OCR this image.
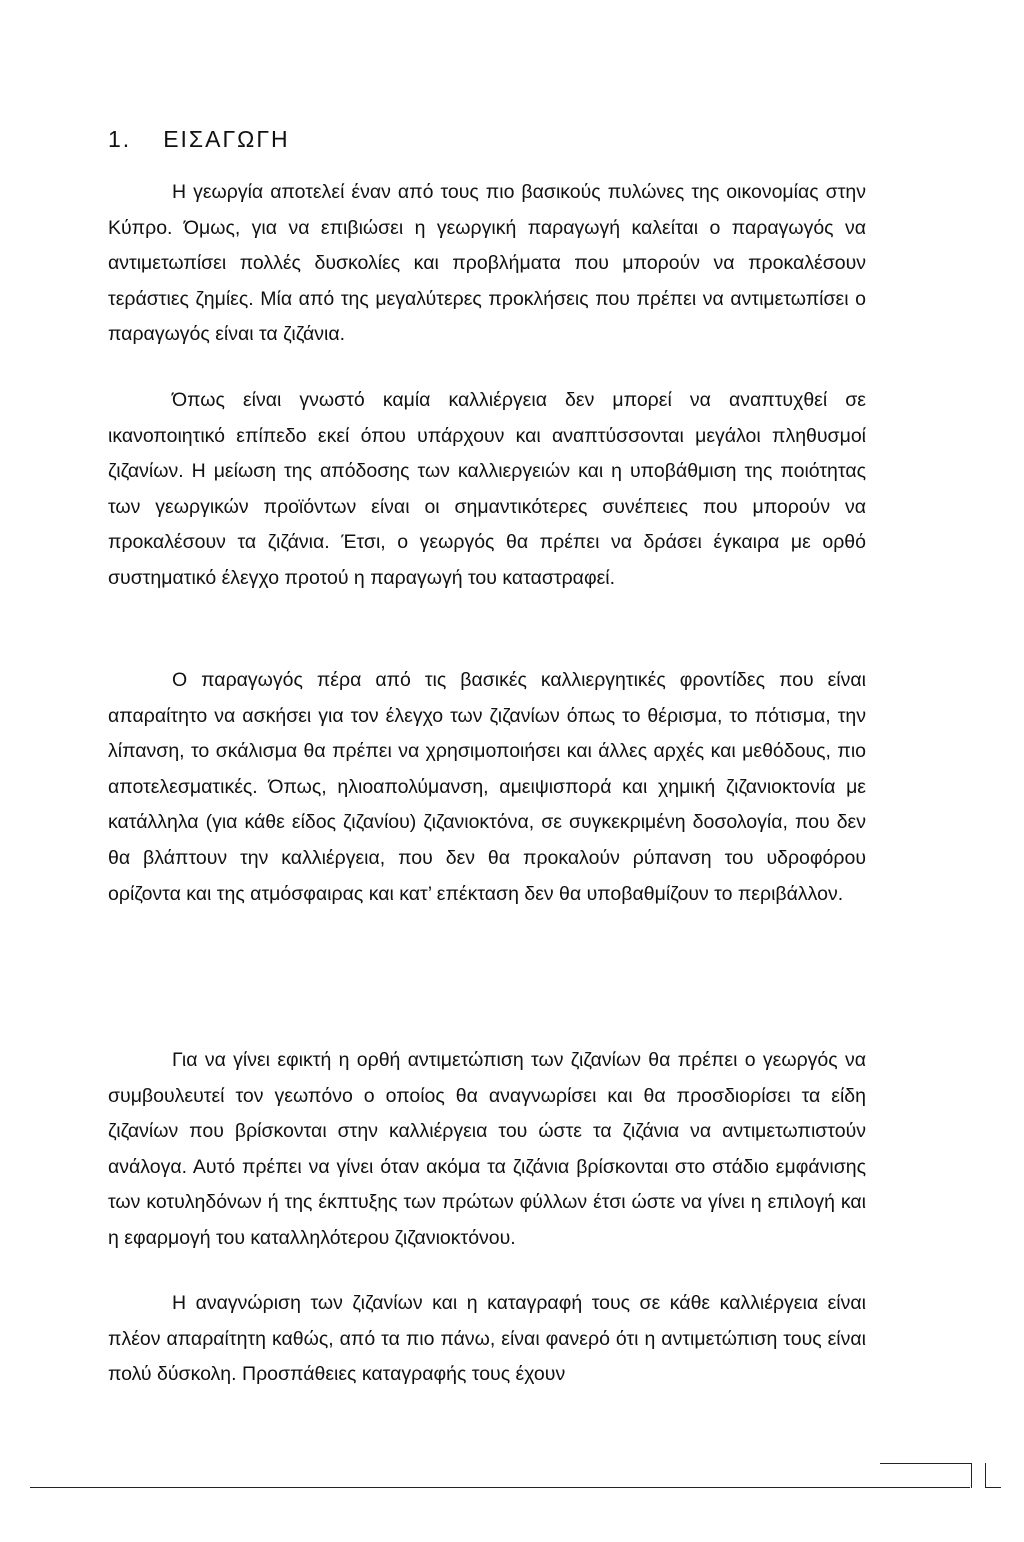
1. ΕΙΣΑΓΩΓΗ

Η γεωργία αποτελεί έναν από τους πιο βασικούς πυλώνες της οικονομίας στην Κύπρο. Όμως, για να επιβιώσει η γεωργική παραγωγή καλείται ο παραγωγός να αντιμετωπίσει πολλές δυσκολίες και προβλήματα που μπορούν να προκαλέσουν τεράστιες ζημίες. Μία από της μεγαλύτερες προκλήσεις που πρέπει να αντιμετωπίσει ο παραγωγός είναι τα ζιζάνια.

Όπως είναι γνωστό καμία καλλιέργεια δεν μπορεί να αναπτυχθεί σε ικανοποιητικό επίπεδο εκεί όπου υπάρχουν και αναπτύσσονται μεγάλοι πληθυσμοί ζιζανίων. Η μείωση της απόδοσης των καλλιεργειών και η υποβάθμιση της ποιότητας των γεωργικών προϊόντων είναι οι σημαντικότερες συνέπειες που μπορούν να προκαλέσουν τα ζιζάνια. Έτσι, ο γεωργός θα πρέπει να δράσει έγκαιρα με ορθό συστηματικό έλεγχο προτού η παραγωγή του καταστραφεί.

Ο παραγωγός πέρα από τις βασικές καλλιεργητικές φροντίδες που είναι απαραίτητο να ασκήσει για τον έλεγχο των ζιζανίων όπως το θέρισμα, το πότισμα, την λίπανση, το σκάλισμα θα πρέπει να χρησιμοποιήσει και άλλες αρχές και μεθόδους, πιο αποτελεσματικές. Όπως, ηλιοαπολύμανση, αμειψισπορά και χημική ζιζανιοκτονία με κατάλληλα (για κάθε είδος ζιζανίου) ζιζανιοκτόνα, σε συγκεκριμένη δοσολογία, που δεν θα βλάπτουν την καλλιέργεια, που δεν θα προκαλούν ρύπανση του υδροφόρου ορίζοντα και της ατμόσφαιρας και κατ’ επέκταση δεν θα υποβαθμίζουν το περιβάλλον.

Για να γίνει εφικτή η ορθή αντιμετώπιση των ζιζανίων θα πρέπει ο γεωργός να συμβουλευτεί τον γεωπόνο ο οποίος θα αναγνωρίσει και θα προσδιορίσει τα είδη ζιζανίων που βρίσκονται στην καλλιέργεια του ώστε τα ζιζάνια να αντιμετωπιστούν ανάλογα. Αυτό πρέπει να γίνει όταν ακόμα τα ζιζάνια βρίσκονται στο στάδιο εμφάνισης των κοτυληδόνων ή της έκπτυξης των πρώτων φύλλων έτσι ώστε να γίνει η επιλογή και η εφαρμογή του καταλληλότερου ζιζανιοκτόνου.

Η αναγνώριση των ζιζανίων και η καταγραφή τους σε κάθε καλλιέργεια είναι πλέον απαραίτητη καθώς, από τα πιο πάνω, είναι φανερό ότι η αντιμετώπιση τους είναι πολύ δύσκολη. Προσπάθειες καταγραφής τους έχουν
